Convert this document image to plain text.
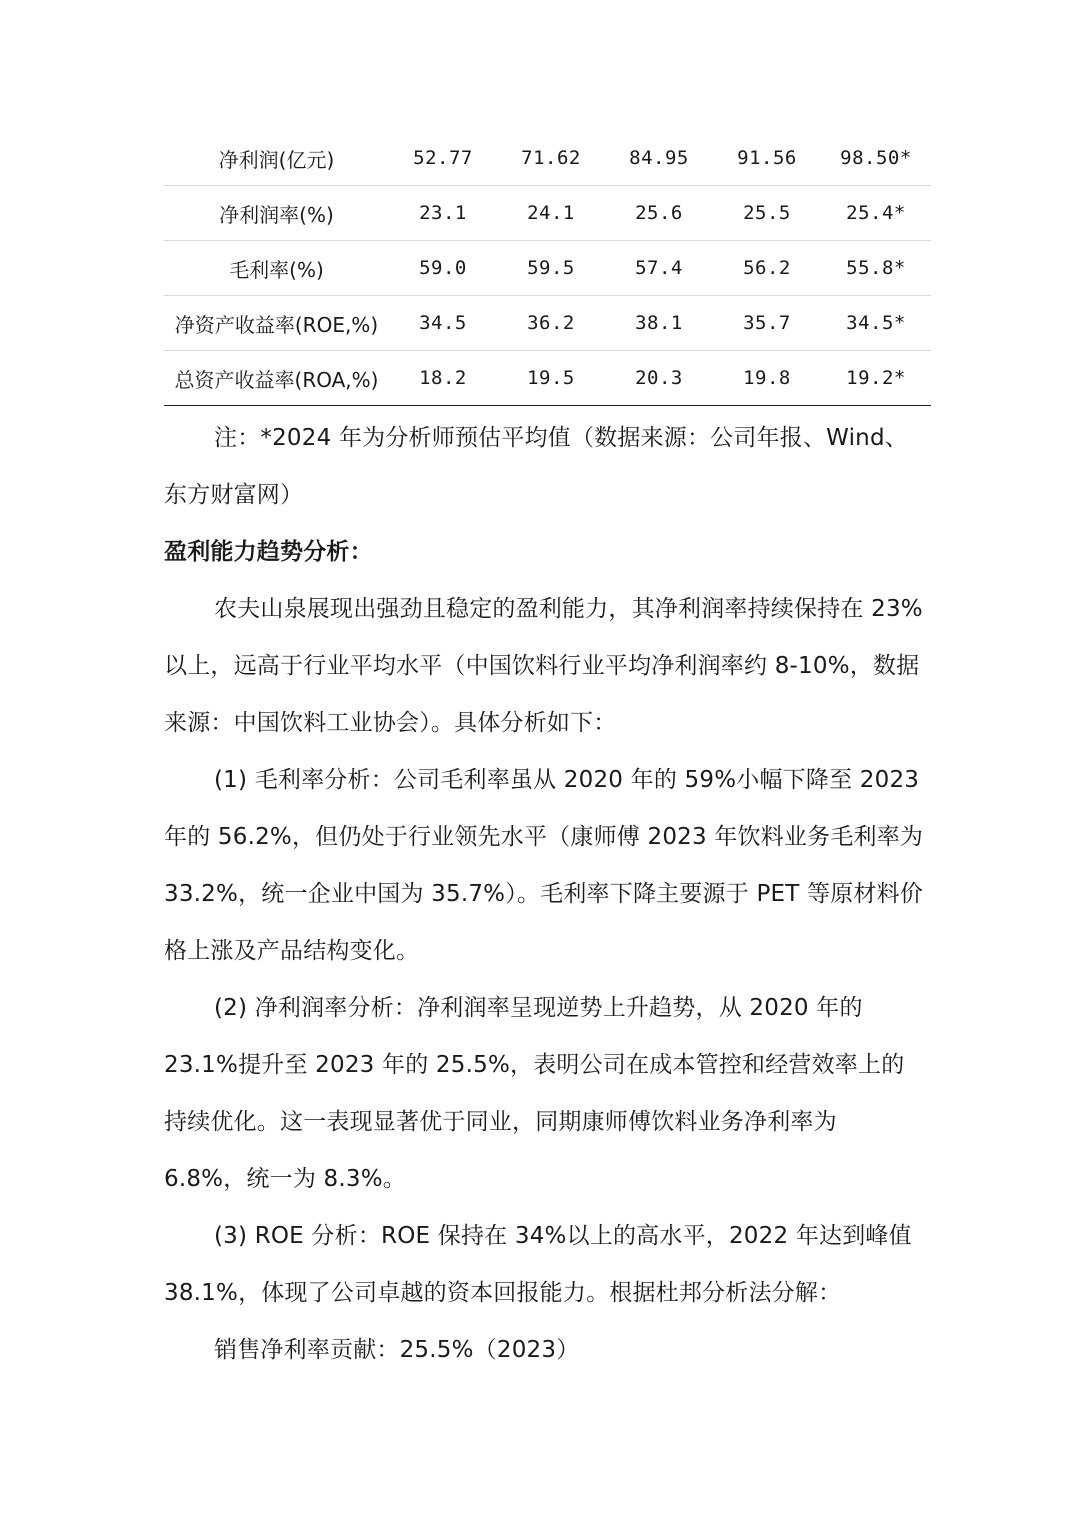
净利润(亿元)	52.77	71.62	84.95	91.56	98.50*
净利润率(%)	23.1	24.1	25.6	25.5	25.4*
毛利率(%)	59.0	59.5	57.4	56.2	55.8*
净资产收益率(ROE,%)	34.5	36.2	38.1	35.7	34.5*
总资产收益率(ROA,%)	18.2	19.5	20.3	19.8	19.2*

注：*2024 年为分析师预估平均值（数据来源：公司年报、Wind、东方财富网）

盈利能力趋势分析：

农夫山泉展现出强劲且稳定的盈利能力，其净利润率持续保持在 23%以上，远高于行业平均水平（中国饮料行业平均净利润率约 8-10%，数据来源：中国饮料工业协会）。具体分析如下：

(1) 毛利率分析：公司毛利率虽从 2020 年的 59%小幅下降至 2023 年的 56.2%，但仍处于行业领先水平（康师傅 2023 年饮料业务毛利率为 33.2%，统一企业中国为 35.7%）。毛利率下降主要源于 PET 等原材料价格上涨及产品结构变化。

(2) 净利润率分析：净利润率呈现逆势上升趋势，从 2020 年的 23.1%提升至 2023 年的 25.5%，表明公司在成本管控和经营效率上的持续优化。这一表现显著优于同业，同期康师傅饮料业务净利率为 6.8%，统一为 8.3%。

(3) ROE 分析：ROE 保持在 34%以上的高水平，2022 年达到峰值 38.1%，体现了公司卓越的资本回报能力。根据杜邦分析法分解：

销售净利率贡献：25.5%（2023）
